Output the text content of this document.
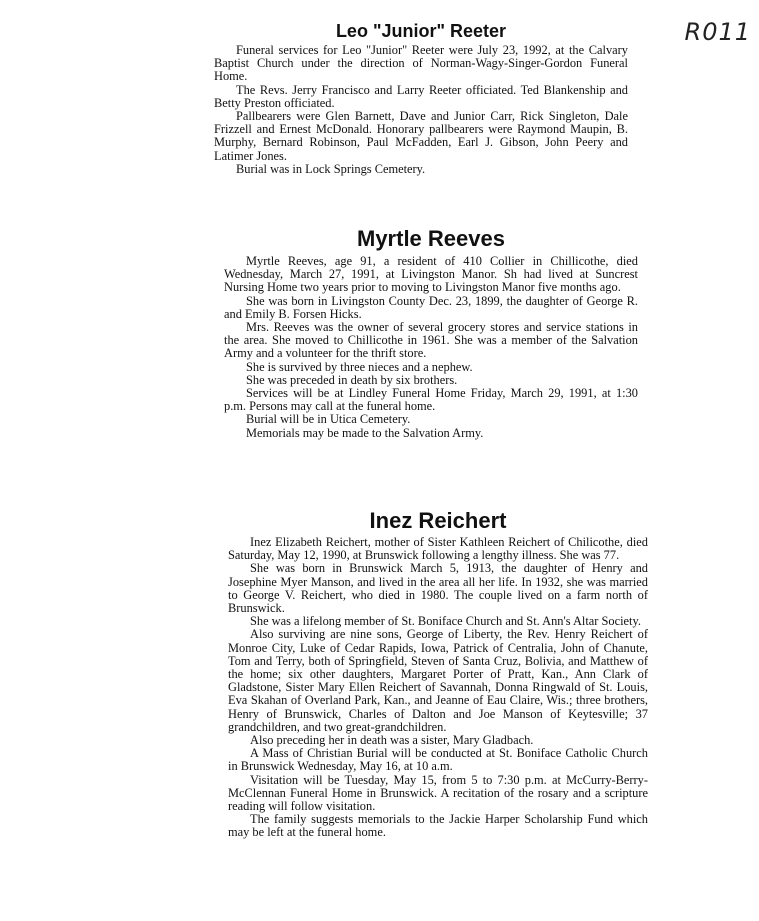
R011
Leo "Junior" Reeter

Funeral services for Leo "Junior" Reeter were July 23, 1992, at the Calvary Baptist Church under the direction of Norman-Wagy-Singer-Gordon Funeral Home.

The Revs. Jerry Francisco and Larry Reeter officiated. Ted Blankenship and Betty Preston officiated.

Pallbearers were Glen Barnett, Dave and Junior Carr, Rick Singleton, Dale Frizzell and Ernest McDonald. Honorary pallbearers were Raymond Maupin, B. Murphy, Bernard Robinson, Paul McFadden, Earl J. Gibson, John Peery and Latimer Jones.

Burial was in Lock Springs Cemetery.

Myrtle Reeves

Myrtle Reeves, age 91, a resident of 410 Collier in Chillicothe, died Wednesday, March 27, 1991, at Livingston Manor. Sh had lived at Suncrest Nursing Home two years prior to moving to Livingston Manor five months ago.

She was born in Livingston County Dec. 23, 1899, the daughter of George R. and Emily B. Forsen Hicks.

Mrs. Reeves was the owner of several grocery stores and service stations in the area. She moved to Chillicothe in 1961. She was a member of the Salvation Army and a volunteer for the thrift store.

She is survived by three nieces and a nephew.

She was preceded in death by six brothers.

Services will be at Lindley Funeral Home Friday, March 29, 1991, at 1:30 p.m. Persons may call at the funeral home.

Burial will be in Utica Cemetery.

Memorials may be made to the Salvation Army.

Inez Reichert

Inez Elizabeth Reichert, mother of Sister Kathleen Reichert of Chilicothe, died Saturday, May 12, 1990, at Brunswick following a lengthy illness. She was 77.

She was born in Brunswick March 5, 1913, the daughter of Henry and Josephine Myer Manson, and lived in the area all her life. In 1932, she was married to George V. Reichert, who died in 1980. The couple lived on a farm north of Brunswick.

She was a lifelong member of St. Boniface Church and St. Ann's Altar Society.

Also surviving are nine sons, George of Liberty, the Rev. Henry Reichert of Monroe City, Luke of Cedar Rapids, Iowa, Patrick of Centralia, John of Chanute, Tom and Terry, both of Springfield, Steven of Santa Cruz, Bolivia, and Matthew of the home; six other daughters, Margaret Porter of Pratt, Kan., Ann Clark of Gladstone, Sister Mary Ellen Reichert of Savannah, Donna Ringwald of St. Louis, Eva Skahan of Overland Park, Kan., and Jeanne of Eau Claire, Wis.; three brothers, Henry of Brunswick, Charles of Dalton and Joe Manson of Keytesville; 37 grandchildren, and two great-grandchildren.

Also preceding her in death was a sister, Mary Gladbach.

A Mass of Christian Burial will be conducted at St. Boniface Catholic Church in Brunswick Wednesday, May 16, at 10 a.m.

Visitation will be Tuesday, May 15, from 5 to 7:30 p.m. at McCurry-Berry-McClennan Funeral Home in Brunswick. A recitation of the rosary and a scripture reading will follow visitation.

The family suggests memorials to the Jackie Harper Scholarship Fund which may be left at the funeral home.
